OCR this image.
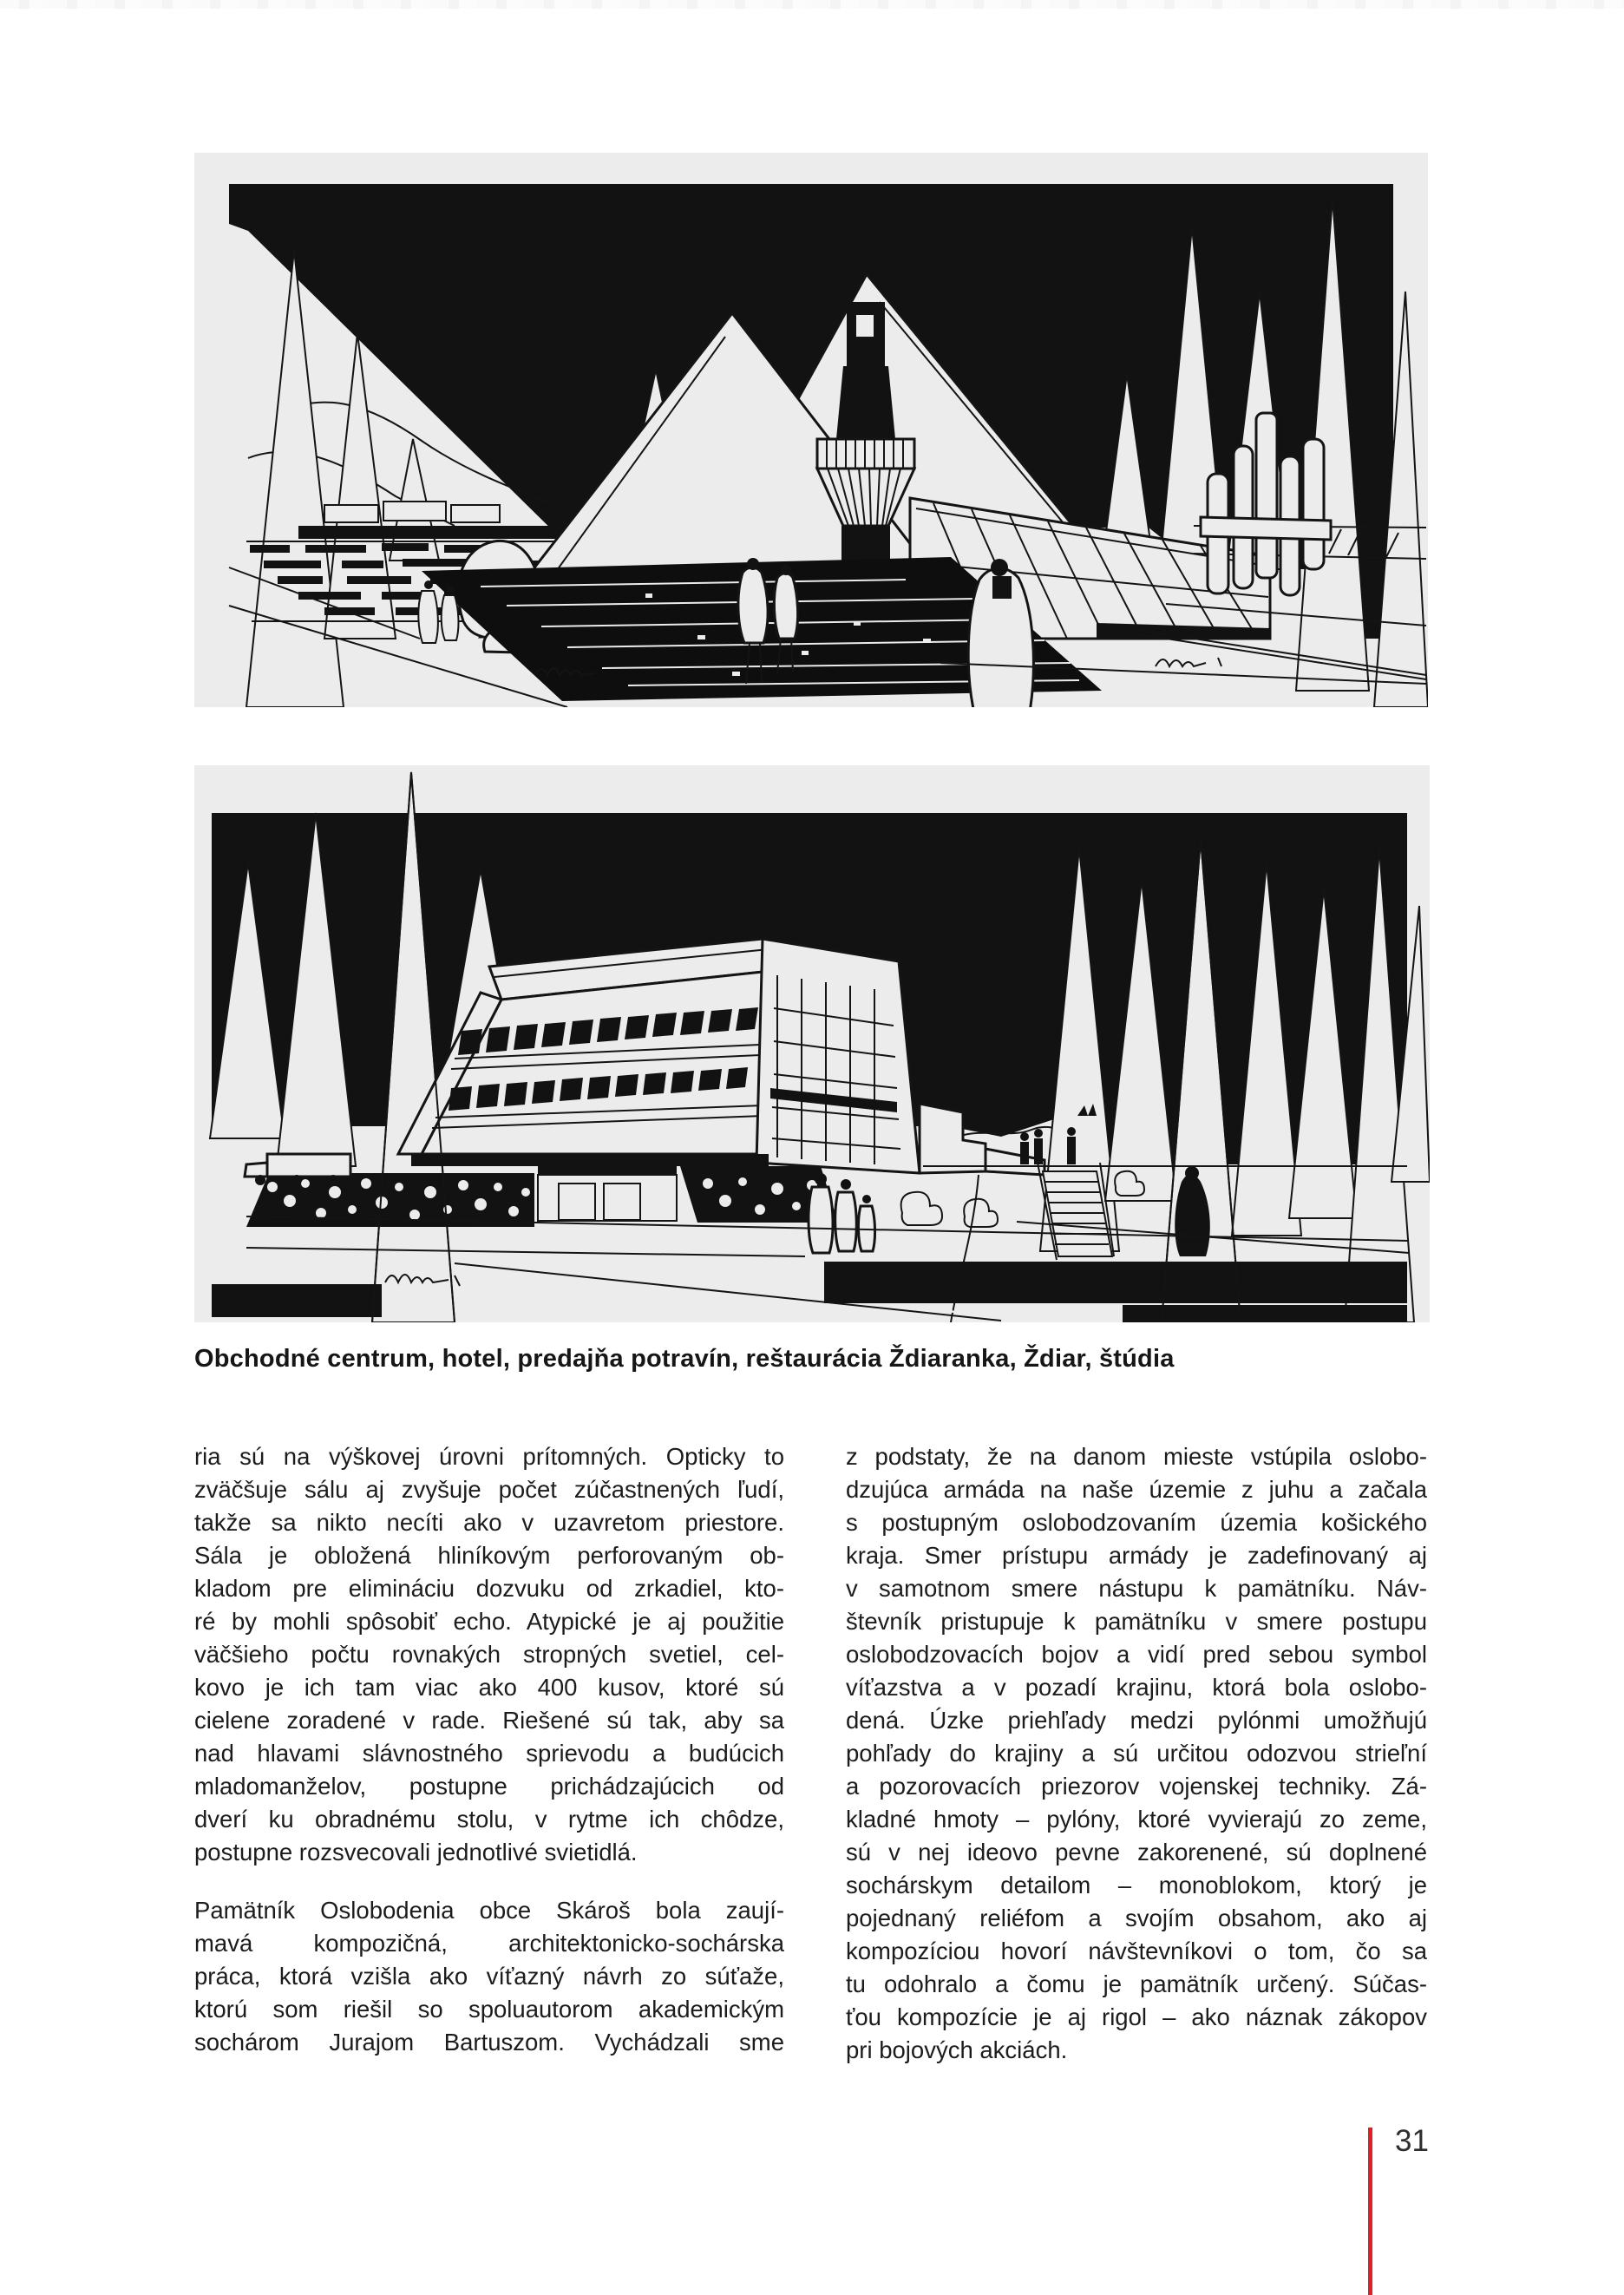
Obchodné centrum, hotel, predajňa potravín, reštaurácia Ždiaranka, Ždiar, štúdia
ria sú na výškovej úrovni prítomných. Opticky to
zväčšuje sálu aj zvyšuje počet zúčastnených ľudí,
takže sa nikto necíti ako v uzavretom priestore.
Sála je obložená hliníkovým perforovaným ob-
kladom pre elimináciu dozvuku od zrkadiel, kto-
ré by mohli spôsobiť echo. Atypické je aj použitie
väčšieho počtu rovnakých stropných svetiel, cel-
kovo je ich tam viac ako 400 kusov, ktoré sú
cielene zoradené v rade. Riešené sú tak, aby sa
nad hlavami slávnostného sprievodu a budúcich
mladomanželov, postupne prichádzajúcich od
dverí ku obradnému stolu, v rytme ich chôdze,
postupne rozsvecovali jednotlivé svietidlá.
Pamätník Oslobodenia obce Skároš bola zaují-
mavá kompozičná, architektonicko-sochárska
práca, ktorá vzišla ako víťazný návrh zo súťaže,
ktorú som riešil so spoluautorom akademickým
sochárom Jurajom Bartuszom. Vychádzali sme
z podstaty, že na danom mieste vstúpila oslobo-
dzujúca armáda na naše územie z juhu a začala
s postupným oslobodzovaním územia košického
kraja. Smer prístupu armády je zadefinovaný aj
v samotnom smere nástupu k pamätníku. Náv-
števník pristupuje k pamätníku v smere postupu
oslobodzovacích bojov a vidí pred sebou symbol
víťazstva a v pozadí krajinu, ktorá bola oslobo-
dená. Úzke priehľady medzi pylónmi umožňujú
pohľady do krajiny a sú určitou odozvou strieľní
a pozorovacích priezorov vojenskej techniky. Zá-
kladné hmoty – pylóny, ktoré vyvierajú zo zeme,
sú v nej ideovo pevne zakorenené, sú doplnené
sochárskym detailom – monoblokom, ktorý je
pojednaný reliéfom a svojím obsahom, ako aj
kompozíciou hovorí návštevníkovi o tom, čo sa
tu odohralo a čomu je pamätník určený. Súčas-
ťou kompozície je aj rigol – ako náznak zákopov
pri bojových akciách.
31
